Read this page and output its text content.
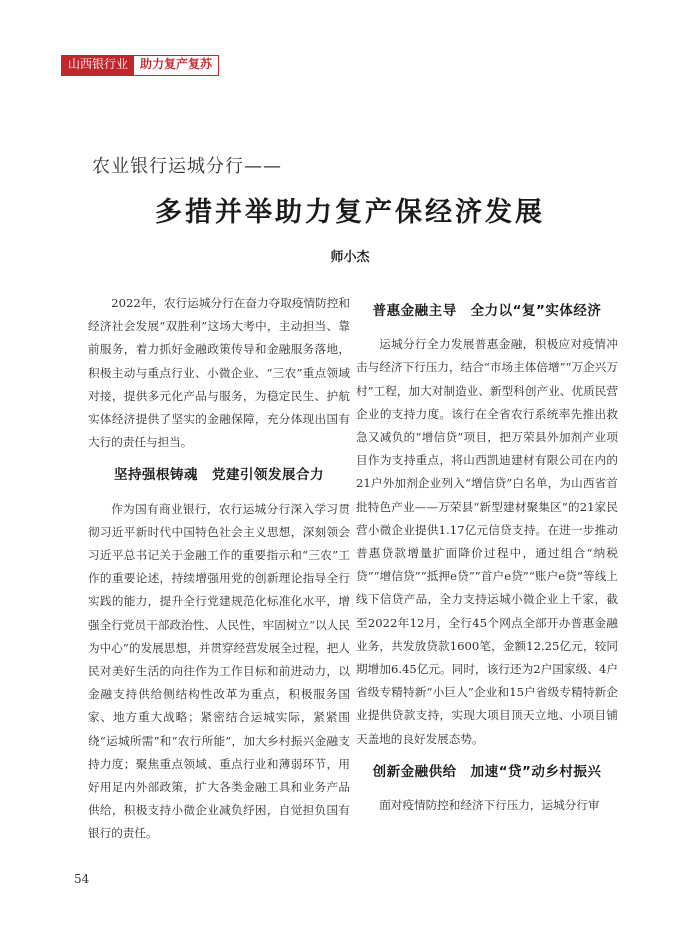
山西银行业	助力复产复苏
农业银行运城分行——
多措并举助力复产保经济发展
师小杰

2022年，农行运城分行在奋力夺取疫情防控和经济社会发展“双胜利”这场大考中，主动担当、靠前服务，着力抓好金融政策传导和金融服务落地，积极主动与重点行业、小微企业、“三农”重点领域对接，提供多元化产品与服务，为稳定民生、护航实体经济提供了坚实的金融保障，充分体现出国有大行的责任与担当。

坚持强根铸魂　党建引领发展合力

作为国有商业银行，农行运城分行深入学习贯彻习近平新时代中国特色社会主义思想，深刻领会习近平总书记关于金融工作的重要指示和“三农”工作的重要论述，持续增强用党的创新理论指导全行实践的能力，提升全行党建规范化标准化水平，增强全行党员干部政治性、人民性，牢固树立“以人民为中心”的发展思想，并贯穿经营发展全过程，把人民对美好生活的向往作为工作目标和前进动力，以金融支持供给侧结构性改革为重点，积极服务国家、地方重大战略；紧密结合运城实际，紧紧围绕“运城所需”和“农行所能”，加大乡村振兴金融支持力度；聚焦重点领域、重点行业和薄弱环节，用好用足内外部政策，扩大各类金融工具和业务产品供给，积极支持小微企业减负纾困，自觉担负国有银行的责任。

普惠金融主导　全力以“复”实体经济

运城分行全力发展普惠金融，积极应对疫情冲击与经济下行压力，结合“市场主体倍增”“万企兴万村”工程，加大对制造业、新型科创产业、优质民营企业的支持力度。该行在全省农行系统率先推出救急又减负的“增信贷”项目，把万荣县外加剂产业项目作为支持重点，将山西凯迪建材有限公司在内的21户外加剂企业列入“增信贷”白名单，为山西省首批特色产业——万荣县“新型建材聚集区”的21家民营小微企业提供1.17亿元信贷支持。在进一步推动普惠贷款增量扩面降价过程中，通过组合“纳税贷”“增信贷”“抵押e贷”“首户e贷”“账户e贷”等线上线下信贷产品，全力支持运城小微企业上千家，截至2022年12月，全行45个网点全部开办普惠金融业务，共发放贷款1600笔，金额12.25亿元，较同期增加6.45亿元。同时，该行还为2户国家级、4户省级专精特新“小巨人”企业和15户省级专精特新企业提供贷款支持，实现大项目顶天立地、小项目铺天盖地的良好发展态势。

创新金融供给　加速“贷”动乡村振兴

面对疫情防控和经济下行压力，运城分行审

54
